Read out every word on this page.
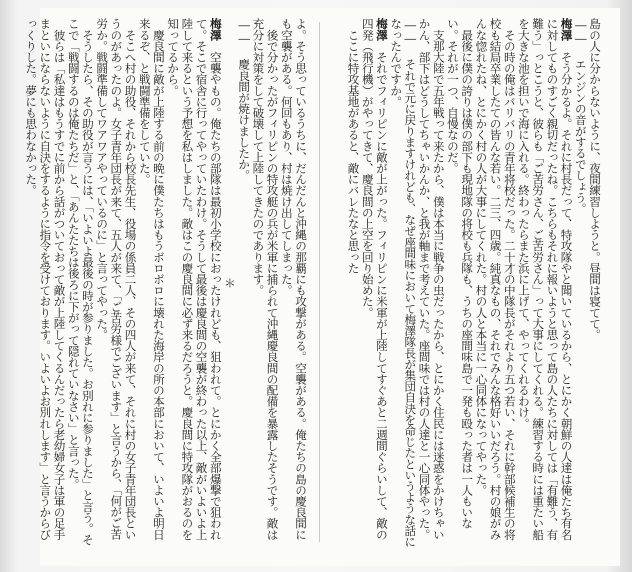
島の人に分からないように、夜間練習しようと。昼間は寝てて。

―― エンジンの音がするでしょう。

梅澤　そう分かるよ。それに村長だって、特攻隊やと聞いているから、とにかく朝鮮の人達は俺たち有名に対してものすごく親切だったね。こちらもそれに報いようと思って島の人たちに対しては「有難う、有難う」っとこうと、彼らも「ご苦労さん、ご苦労さん」って大事にしてくれる。練習する時には重たい船を大きな池を担いで海に入れる。終わったらまた浜に上げて、やってくれるわけ。

　その時の俺はバリバリの青年将校だった。二十才の中隊長がそれより五つ若い、それに幹部候補生の将校も結局卒業したての皆んな若い。二三、四歳。純真なもの、それでみんな格好いいだろう。村の娘がみんな惚れたね、とにかく村の人が大事にしてくれた。村の人と本当に一心同体になってやった。

　最後に僕の誇りは僕の部下も現地隊の将校も兵隊も、うちの座間味島で一発も殴った者は一人もいない。それが一つ、自慢なのだ。

　支那大陸で五年戦って来たから、僕は本当に戦争の虫だったから、とにかく住民には迷惑をかけちゃいかん、部下はどうしてちゃいかんか、と我が軸まで考えていた。座間味では村の人達と一心同体やった。

―― それで元に戻りますけれども、なぜ座間味において梅澤隊長が集団自決を命じたというような話になったんですか。

梅澤　それでフィリピンに敵が上がった。フィリピンに米軍が上陸してすぐあと二週間ぐらいして、敵の四発（飛行機）がやってきて、慶良間の上空を回り始めた。

　ここに特攻基地があると、敵にバレたなと思った

よ。そう思っているうちに、だんだんと沖縄の那覇にも攻撃がある。空襲がある。俺たちの島の慶良間にも空襲がある。何回もあり、村は焼け出してしまった。

　後で分かったがフィリピンの特攻艇の兵が米軍に捕られて沖縄慶良間の配備を暴露したそうです。敵は充分に対策をして破壊して上陸してきたのであります。

―― 慶良間が焼けましたか。

＊

梅澤　空襲やもの。俺たちの部隊は最初小学校におったけれども、狙われて。とにかく全部爆撃で狙われて。そこで宿舎に行ってやっていたわけ。そうして最後は慶良間の空襲が終わった以上、敵がいよいよ上陸して来るという予想を私はしました。敵はこの慶良間に必ず来るだろうと。慶良間に特攻隊がおるのを知ってるから。

　慶良間に敵が上陸する前の晩に僕たちはもうボロボロに壊れた海岸の所の本部において、いよいよ明日来るぞ、と戦闘準備をしていた。

　そこへ村の助役、それから校長先生、役場の係員二人、その四人が来て、それに村の女子青年団長というのがあったのよ。女子青年団長が来て、五人が来て、「ご苦労様でございます」と言うから、「何がご苦労か。戦闘準備してワアワアやっているのに」と言ってやった。

　そうしたら、その助役が言うには、「いよいよ最後の時が参りました。お別れに参りました」と言う。そこで「戦闘するのは俺たちだ」と、「あんたたちは後ろに下がって隠れていなさい」と言った。

　彼らは「私達はもうすでに前から話がついておって敵が上陸してくるんだったら老幼婦女子は軍の足手まといにならないように自決をするように指令を受けております。いよいよお別れします」と言うからびっくりした。夢にも思わなかった。
